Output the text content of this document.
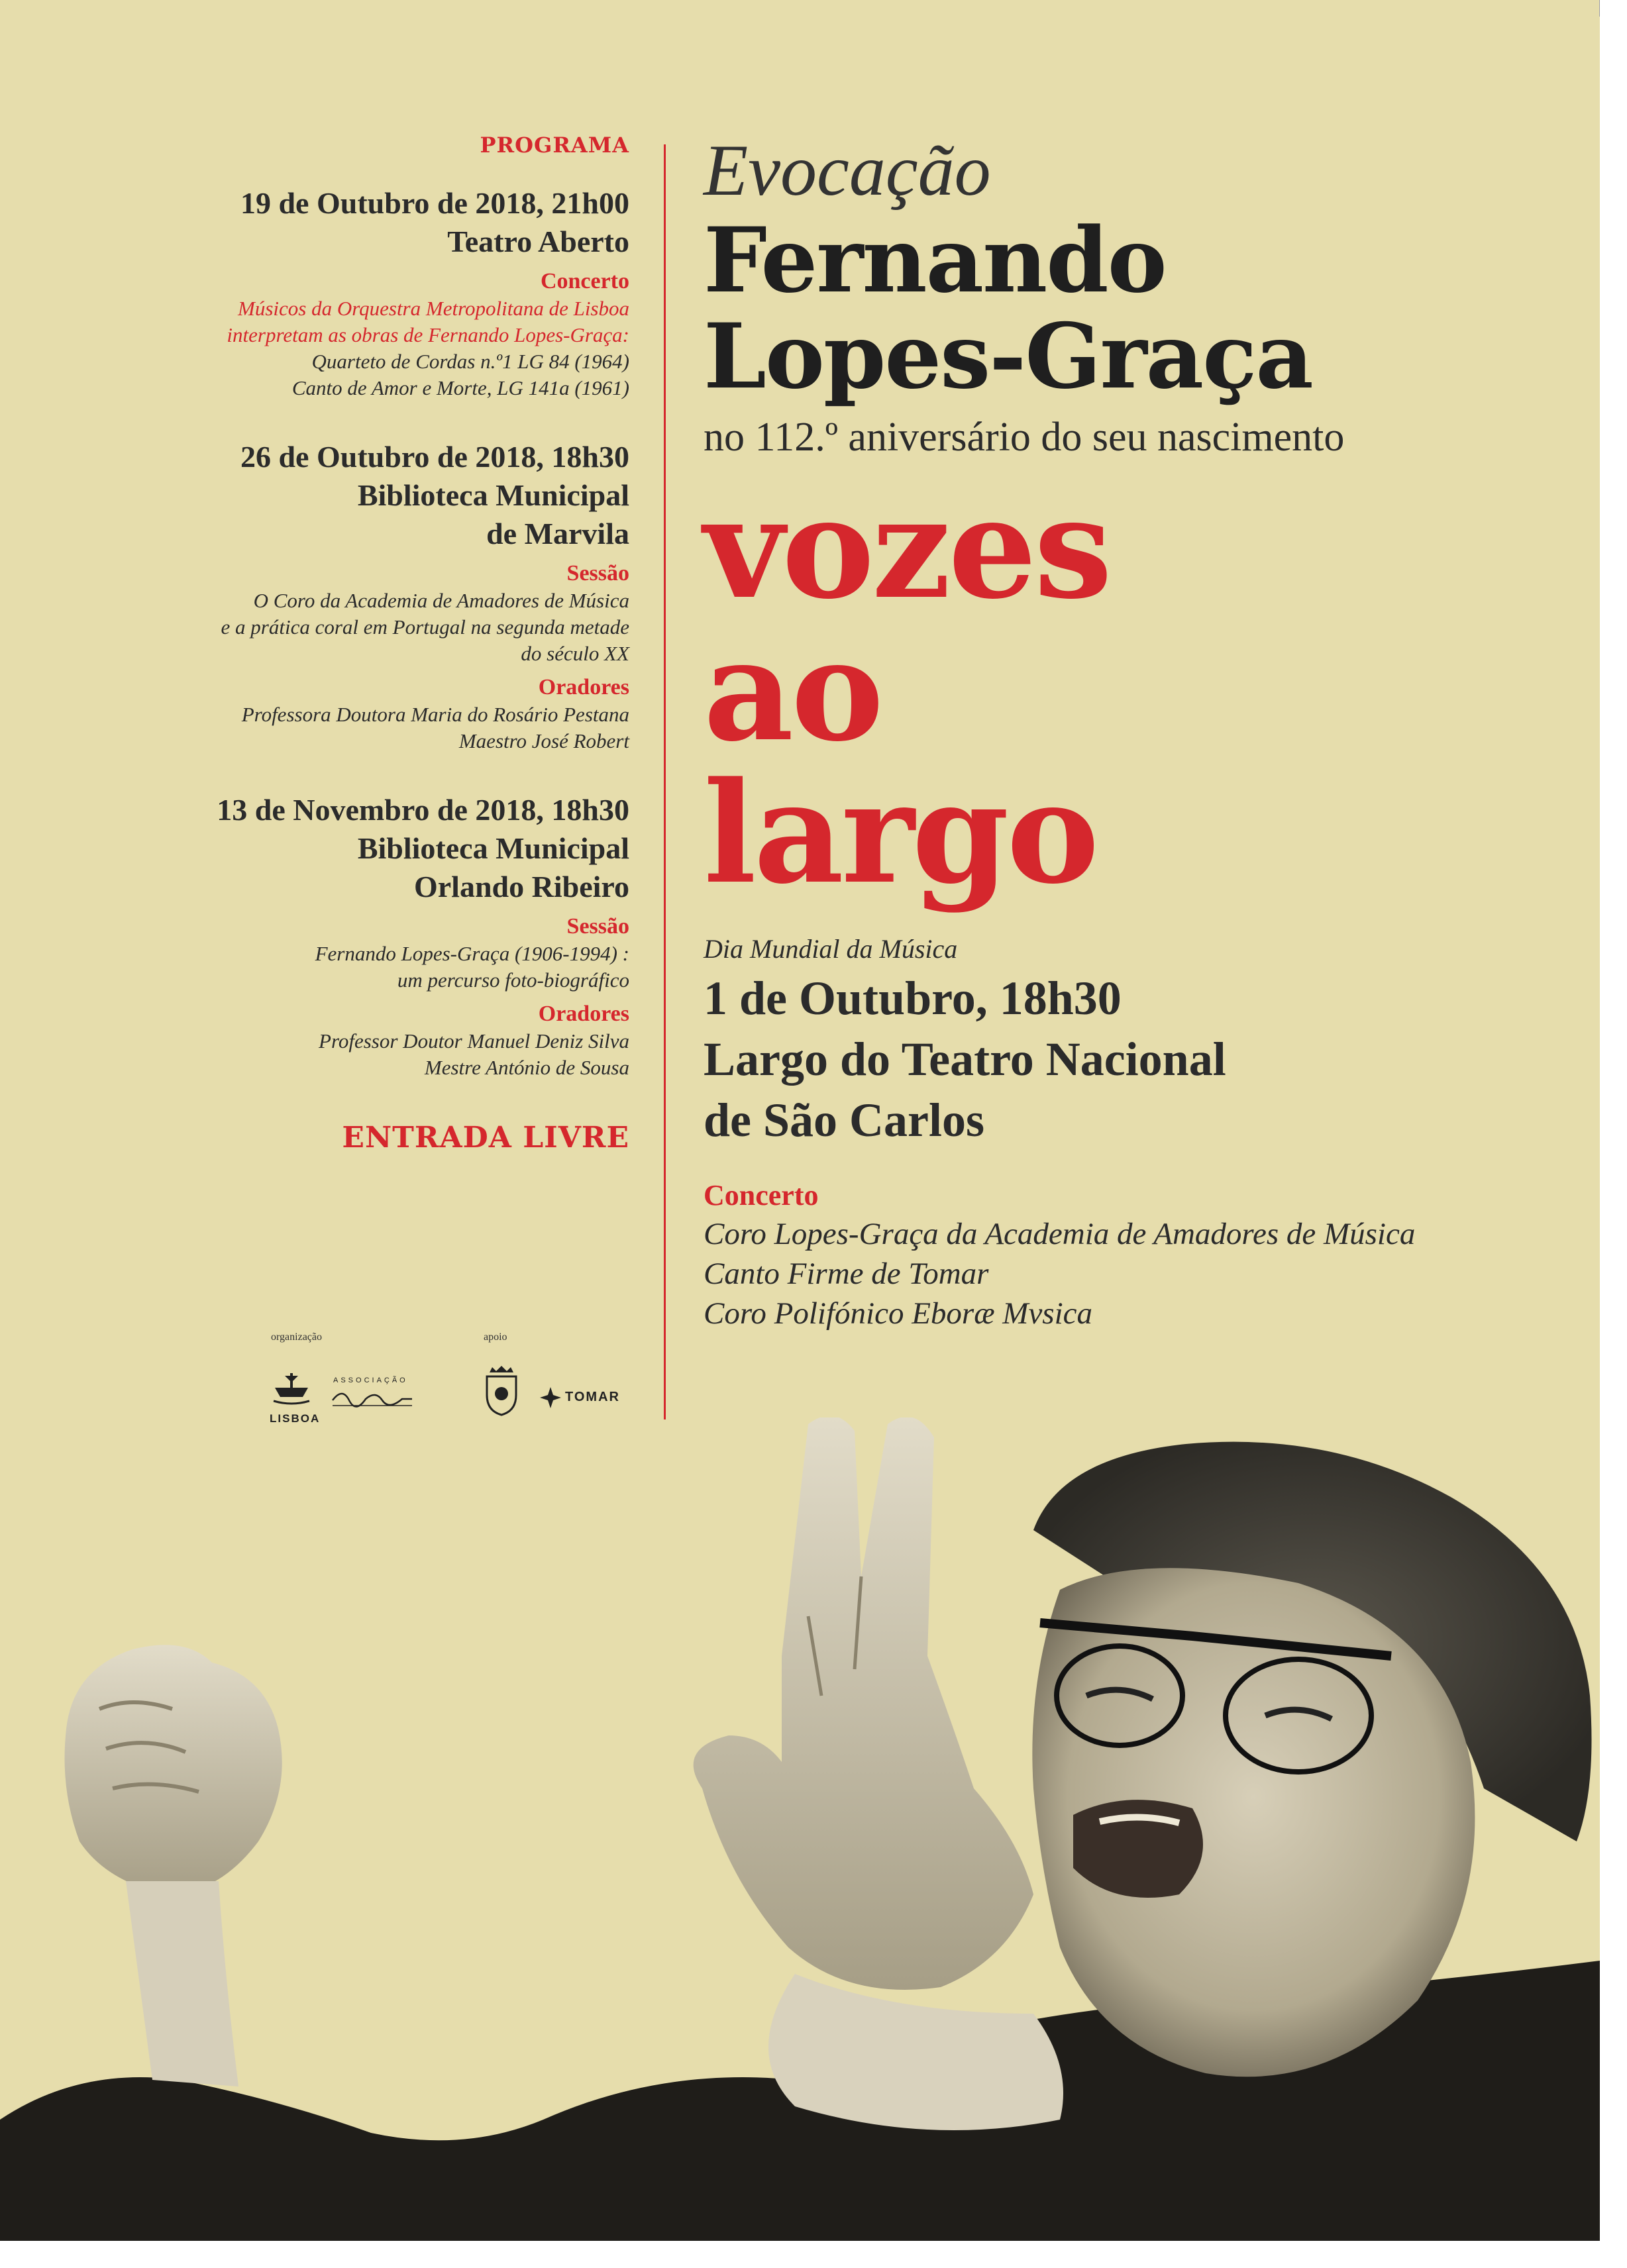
PROGRAMA
19 de Outubro de 2018, 21h00
Teatro Aberto
Concerto
Músicos da Orquestra Metropolitana de Lisboa
interpretam as obras de Fernando Lopes-Graça:
Quarteto de Cordas n.º1 LG 84 (1964)
Canto de Amor e Morte, LG 141a (1961)
26 de Outubro de 2018, 18h30
Biblioteca Municipal
de Marvila
Sessão
O Coro da Academia de Amadores de Música
e a prática coral em Portugal na segunda metade
do século XX
Oradores
Professora Doutora Maria do Rosário Pestana
Maestro José Robert
13 de Novembro de 2018, 18h30
Biblioteca Municipal
Orlando Ribeiro
Sessão
Fernando Lopes-Graça (1906-1994) :
um percurso foto-biográfico
Oradores
Professor Doutor Manuel Deniz Silva
Mestre António de Sousa
ENTRADA LIVRE
organização	apoio
LISBOA
ASSOCIAÇÃO
TOMAR
Evocação
Fernando
Lopes-Graça
no 112.º aniversário do seu nascimento
vozes
ao
largo
Dia Mundial da Música
1 de Outubro, 18h30
Largo do Teatro Nacional
de São Carlos
Concerto
Coro Lopes-Graça da Academia de Amadores de Música
Canto Firme de Tomar
Coro Polifónico Eboræ Mvsica
